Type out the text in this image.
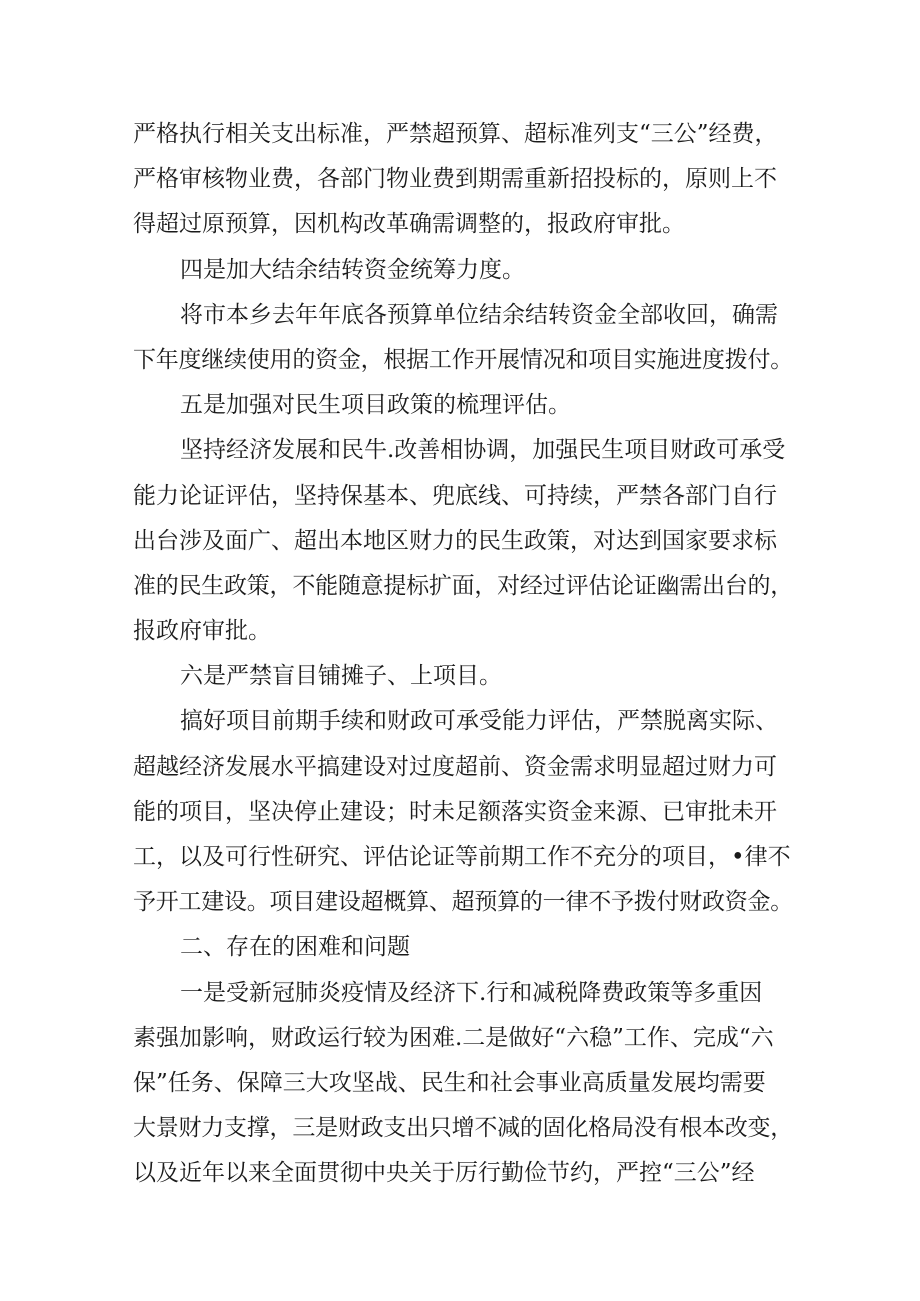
严格执行相关支出标准，严禁超预算、超标准列支“三公”经费，
严格审核物业费，各部门物业费到期需重新招投标的，原则上不
得超过原预算，因机构改革确需调整的，报政府审批。
四是加大结余结转资金统筹力度。
将市本乡去年年底各预算单位结余结转资金全部收回，确需
下年度继续使用的资金，根据工作开展情况和项目实施进度拨付。
五是加强对民生项目政策的梳理评估。
坚持经济发展和民牛.改善相协调，加强民生项目财政可承受
能力论证评估，坚持保基本、兜底线、可持续，严禁各部门自行
出台涉及面广、超出本地区财力的民生政策，对达到国家要求标
准的民生政策，不能随意提标扩面，对经过评估论证幽需出台的，
报政府审批。
六是严禁盲目铺摊子、上项目。
搞好项目前期手续和财政可承受能力评估，严禁脱离实际、
超越经济发展水平搞建设对过度超前、资金需求明显超过财力可
能的项目，坚决停止建设；时未足额落实资金来源、已审批未开
工，以及可行性研究、评估论证等前期工作不充分的项目，•律不
予开工建设。项目建设超概算、超预算的一律不予拨付财政资金。
二、存在的困难和问题
一是受新冠肺炎疫情及经济下.行和减税降费政策等多重因
素强加影响，财政运行较为困难.二是做好“六稳”工作、完成“六
保”任务、保障三大攻坚战、民生和社会事业高质量发展均需要
大景财力支撑，三是财政支出只增不减的固化格局没有根本改变，
以及近年以来全面贯彻中央关于厉行勤俭节约，严控“三公”经
